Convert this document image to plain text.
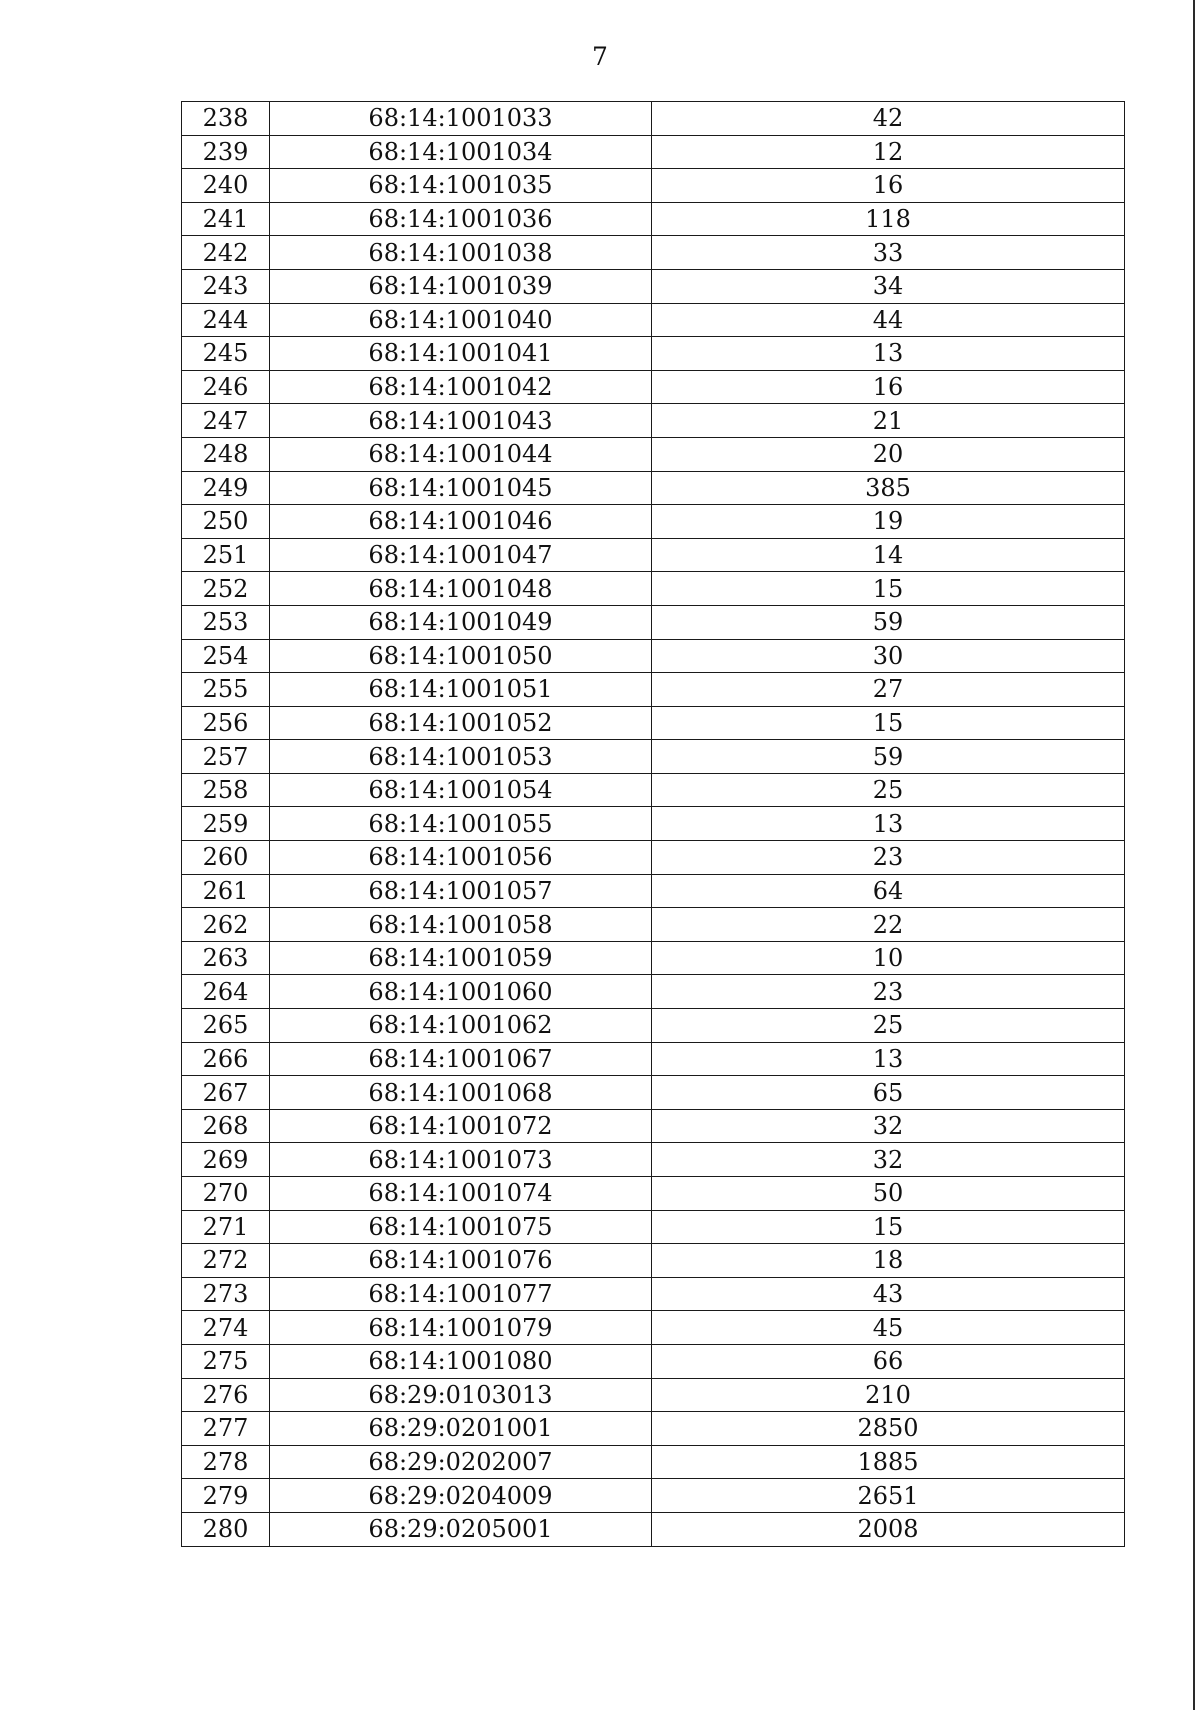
7
238	68:14:1001033	42
239	68:14:1001034	12
240	68:14:1001035	16
241	68:14:1001036	118
242	68:14:1001038	33
243	68:14:1001039	34
244	68:14:1001040	44
245	68:14:1001041	13
246	68:14:1001042	16
247	68:14:1001043	21
248	68:14:1001044	20
249	68:14:1001045	385
250	68:14:1001046	19
251	68:14:1001047	14
252	68:14:1001048	15
253	68:14:1001049	59
254	68:14:1001050	30
255	68:14:1001051	27
256	68:14:1001052	15
257	68:14:1001053	59
258	68:14:1001054	25
259	68:14:1001055	13
260	68:14:1001056	23
261	68:14:1001057	64
262	68:14:1001058	22
263	68:14:1001059	10
264	68:14:1001060	23
265	68:14:1001062	25
266	68:14:1001067	13
267	68:14:1001068	65
268	68:14:1001072	32
269	68:14:1001073	32
270	68:14:1001074	50
271	68:14:1001075	15
272	68:14:1001076	18
273	68:14:1001077	43
274	68:14:1001079	45
275	68:14:1001080	66
276	68:29:0103013	210
277	68:29:0201001	2850
278	68:29:0202007	1885
279	68:29:0204009	2651
280	68:29:0205001	2008
